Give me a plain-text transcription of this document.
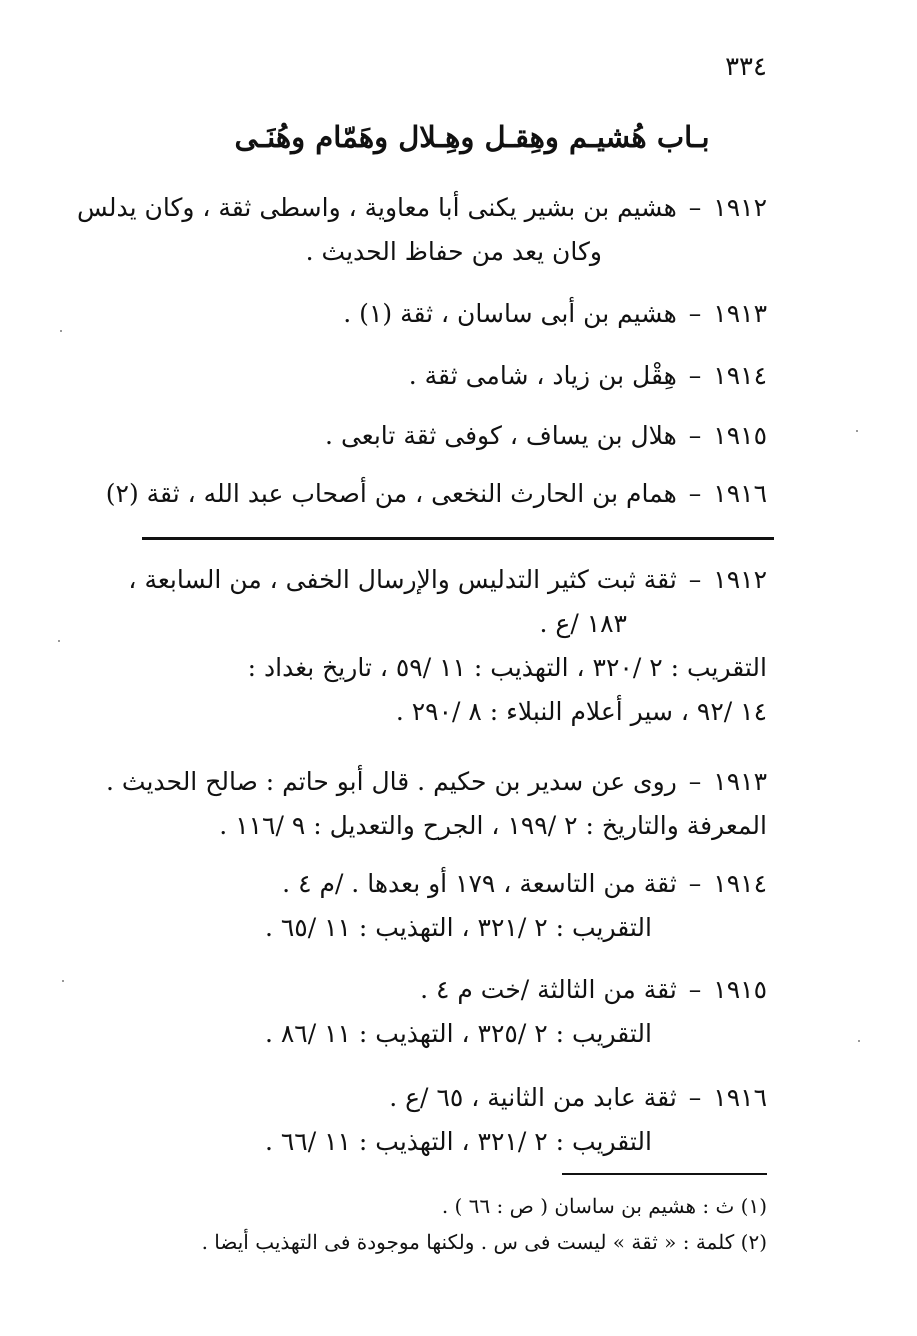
٣٣٤
بـاب هُشيـم وهِقـل وهِـلال وهَمّام وهُنَـى
١٩١٢–هشيم بن بشير يكنى أبا معاوية ، واسطى ثقة ، وكان يدلس
وكان يعد من حفاظ الحديث .
١٩١٣–هشيم بن أبى ساسان ، ثقة (١) .
١٩١٤–هِقْل بن زياد ، شامى ثقة .
١٩١٥–هلال بن يساف ، كوفى ثقة تابعى .
١٩١٦–همام بن الحارث النخعى ، من أصحاب عبد الله ، ثقة (٢)
١٩١٢–ثقة ثبت كثير التدليس والإرسال الخفى ، من السابعة ،
١٨٣ /ع .
التقريب : ٢ /٣٢٠ ، التهذيب : ١١ /٥٩ ، تاريخ بغداد :
١٤ /٩٢ ، سير أعلام النبلاء : ٨ /٢٩٠ .
١٩١٣–روى عن سدير بن حكيم . قال أبو حاتم : صالح الحديث .
المعرفة والتاريخ : ٢ /١٩٩ ، الجرح والتعديل : ٩ /١١٦ .
١٩١٤–ثقة من التاسعة ، ١٧٩ أو بعدها . /م ٤ .
التقريب : ٢ /٣٢١ ، التهذيب : ١١ /٦٥ .
١٩١٥–ثقة من الثالثة /خت م ٤ .
التقريب : ٢ /٣٢٥ ، التهذيب : ١١ /٨٦ .
١٩١٦–ثقة عابد من الثانية ، ٦٥ /ع .
التقريب : ٢ /٣٢١ ، التهذيب : ١١ /٦٦ .
(١) ث : هشيم بن ساسان ( ص : ٦٦ ) .
(٢) كلمة : « ثقة » ليست فى س . ولكنها موجودة فى التهذيب أيضا .
